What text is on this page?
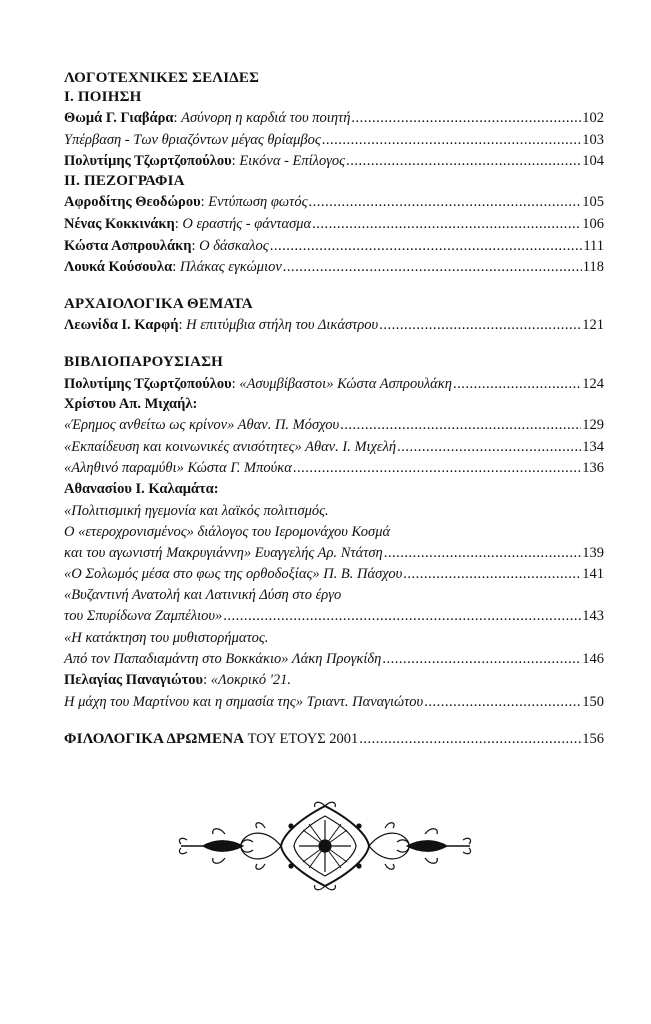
ΛΟΓΟΤΕΧΝΙΚΕΣ ΣΕΛΙΔΕΣ
Ι. ΠΟΙΗΣΗ
Θωμά Γ. Γιαβάρα: Ασύνορη η καρδιά του ποιητή .....	102
Υπέρβαση - Των θριαζόντων μέγας θρίαμβος .....	103
Πολυτίμης Τζωρτζοπούλου: Εικόνα - Επίλογος .....	104
ΙΙ. ΠΕΖΟΓΡΑΦΙΑ
Αφροδίτης Θεοδώρου: Εντύπωση φωτός .....	105
Νένας Κοκκινάκη: Ο εραστής - φάντασμα .....	106
Κώστα Ασπρουλάκη: Ο δάσκαλος .....	111
Λουκά Κούσουλα: Πλάκας εγκώμιον .....	118
ΑΡΧΑΙΟΛΟΓΙΚΑ ΘΕΜΑΤΑ
Λεωνίδα Ι. Καρφή: Η επιτύμβια στήλη του Δικάστρου .....	121
ΒΙΒΛΙΟΠΑΡΟΥΣΙΑΣΗ
Πολυτίμης Τζωρτζοπούλου: «Ασυμβίβαστοι» Κώστα Ασπρουλάκη .....	124
Χρίστου Απ. Μιχαήλ:
«Έρημος ανθείτω ως κρίνον» Αθαν. Π. Μόσχου .....	129
«Εκπαίδευση και κοινωνικές ανισότητες» Αθαν. Ι. Μιχελή .....	134
«Αληθινό παραμύθι» Κώστα Γ. Μπούκα .....	136
Αθανασίου Ι. Καλαμάτα:
«Πολιτισμική ηγεμονία και λαϊκός πολιτισμός.
Ο «ετεροχρονισμένος» διάλογος του Ιερομονάχου Κοσμά
και του αγωνιστή Μακρυγιάννη» Ευαγγελής Αρ. Ντάτση .....	139
«Ο Σολωμός μέσα στο φως της ορθοδοξίας» Π. Β. Πάσχου .....	141
«Βυζαντινή Ανατολή και Λατινική Δύση στο έργο
του Σπυρίδωνα Ζαμπέλιου» .....	143
«Η κατάκτηση του μυθιστορήματος.
Από τον Παπαδιαμάντη στο Βοκκάκιο» Λάκη Προγκίδη .....	146
Πελαγίας Παναγιώτου: «Λοκρικό '21.
Η μάχη του Μαρτίνου και η σημασία της» Τριαντ. Παναγιώτου .....	150
ΦΙΛΟΛΟΓΙΚΑ ΔΡΩΜΕΝΑ ΤΟΥ ΕΤΟΥΣ 2001 .....	156
